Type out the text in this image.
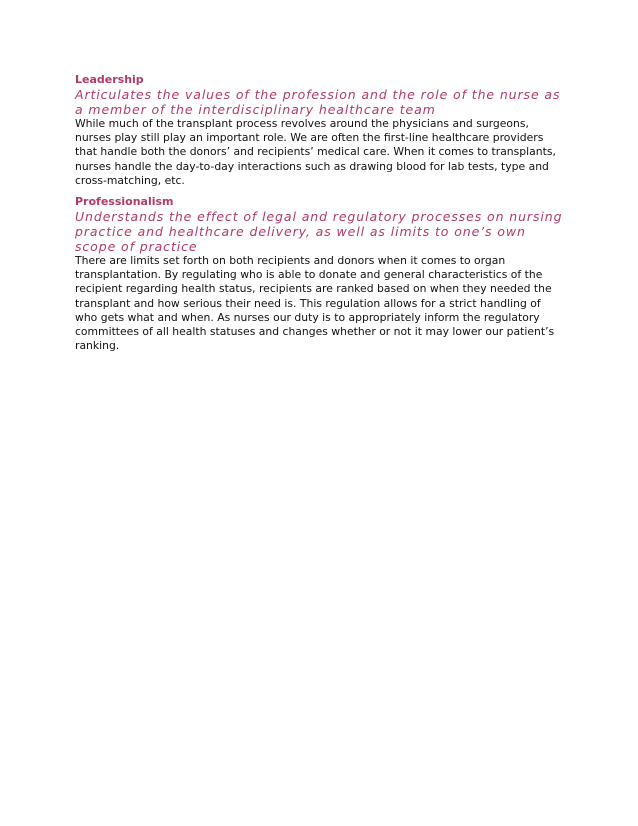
Leadership

Articulates the values of the profession and the role of the nurse as a member of the interdisciplinary healthcare team

While much of the transplant process revolves around the physicians and surgeons, nurses play still play an important role. We are often the first-line healthcare providers that handle both the donors’ and recipients’ medical care. When it comes to transplants, nurses handle the day-to-day interactions such as drawing blood for lab tests, type and cross-matching, etc.

Professionalism

Understands the effect of legal and regulatory processes on nursing practice and healthcare delivery, as well as limits to one’s own scope of practice

There are limits set forth on both recipients and donors when it comes to organ transplantation. By regulating who is able to donate and general characteristics of the recipient regarding health status, recipients are ranked based on when they needed the transplant and how serious their need is. This regulation allows for a strict handling of who gets what and when. As nurses our duty is to appropriately inform the regulatory committees of all health statuses and changes whether or not it may lower our patient’s ranking.
